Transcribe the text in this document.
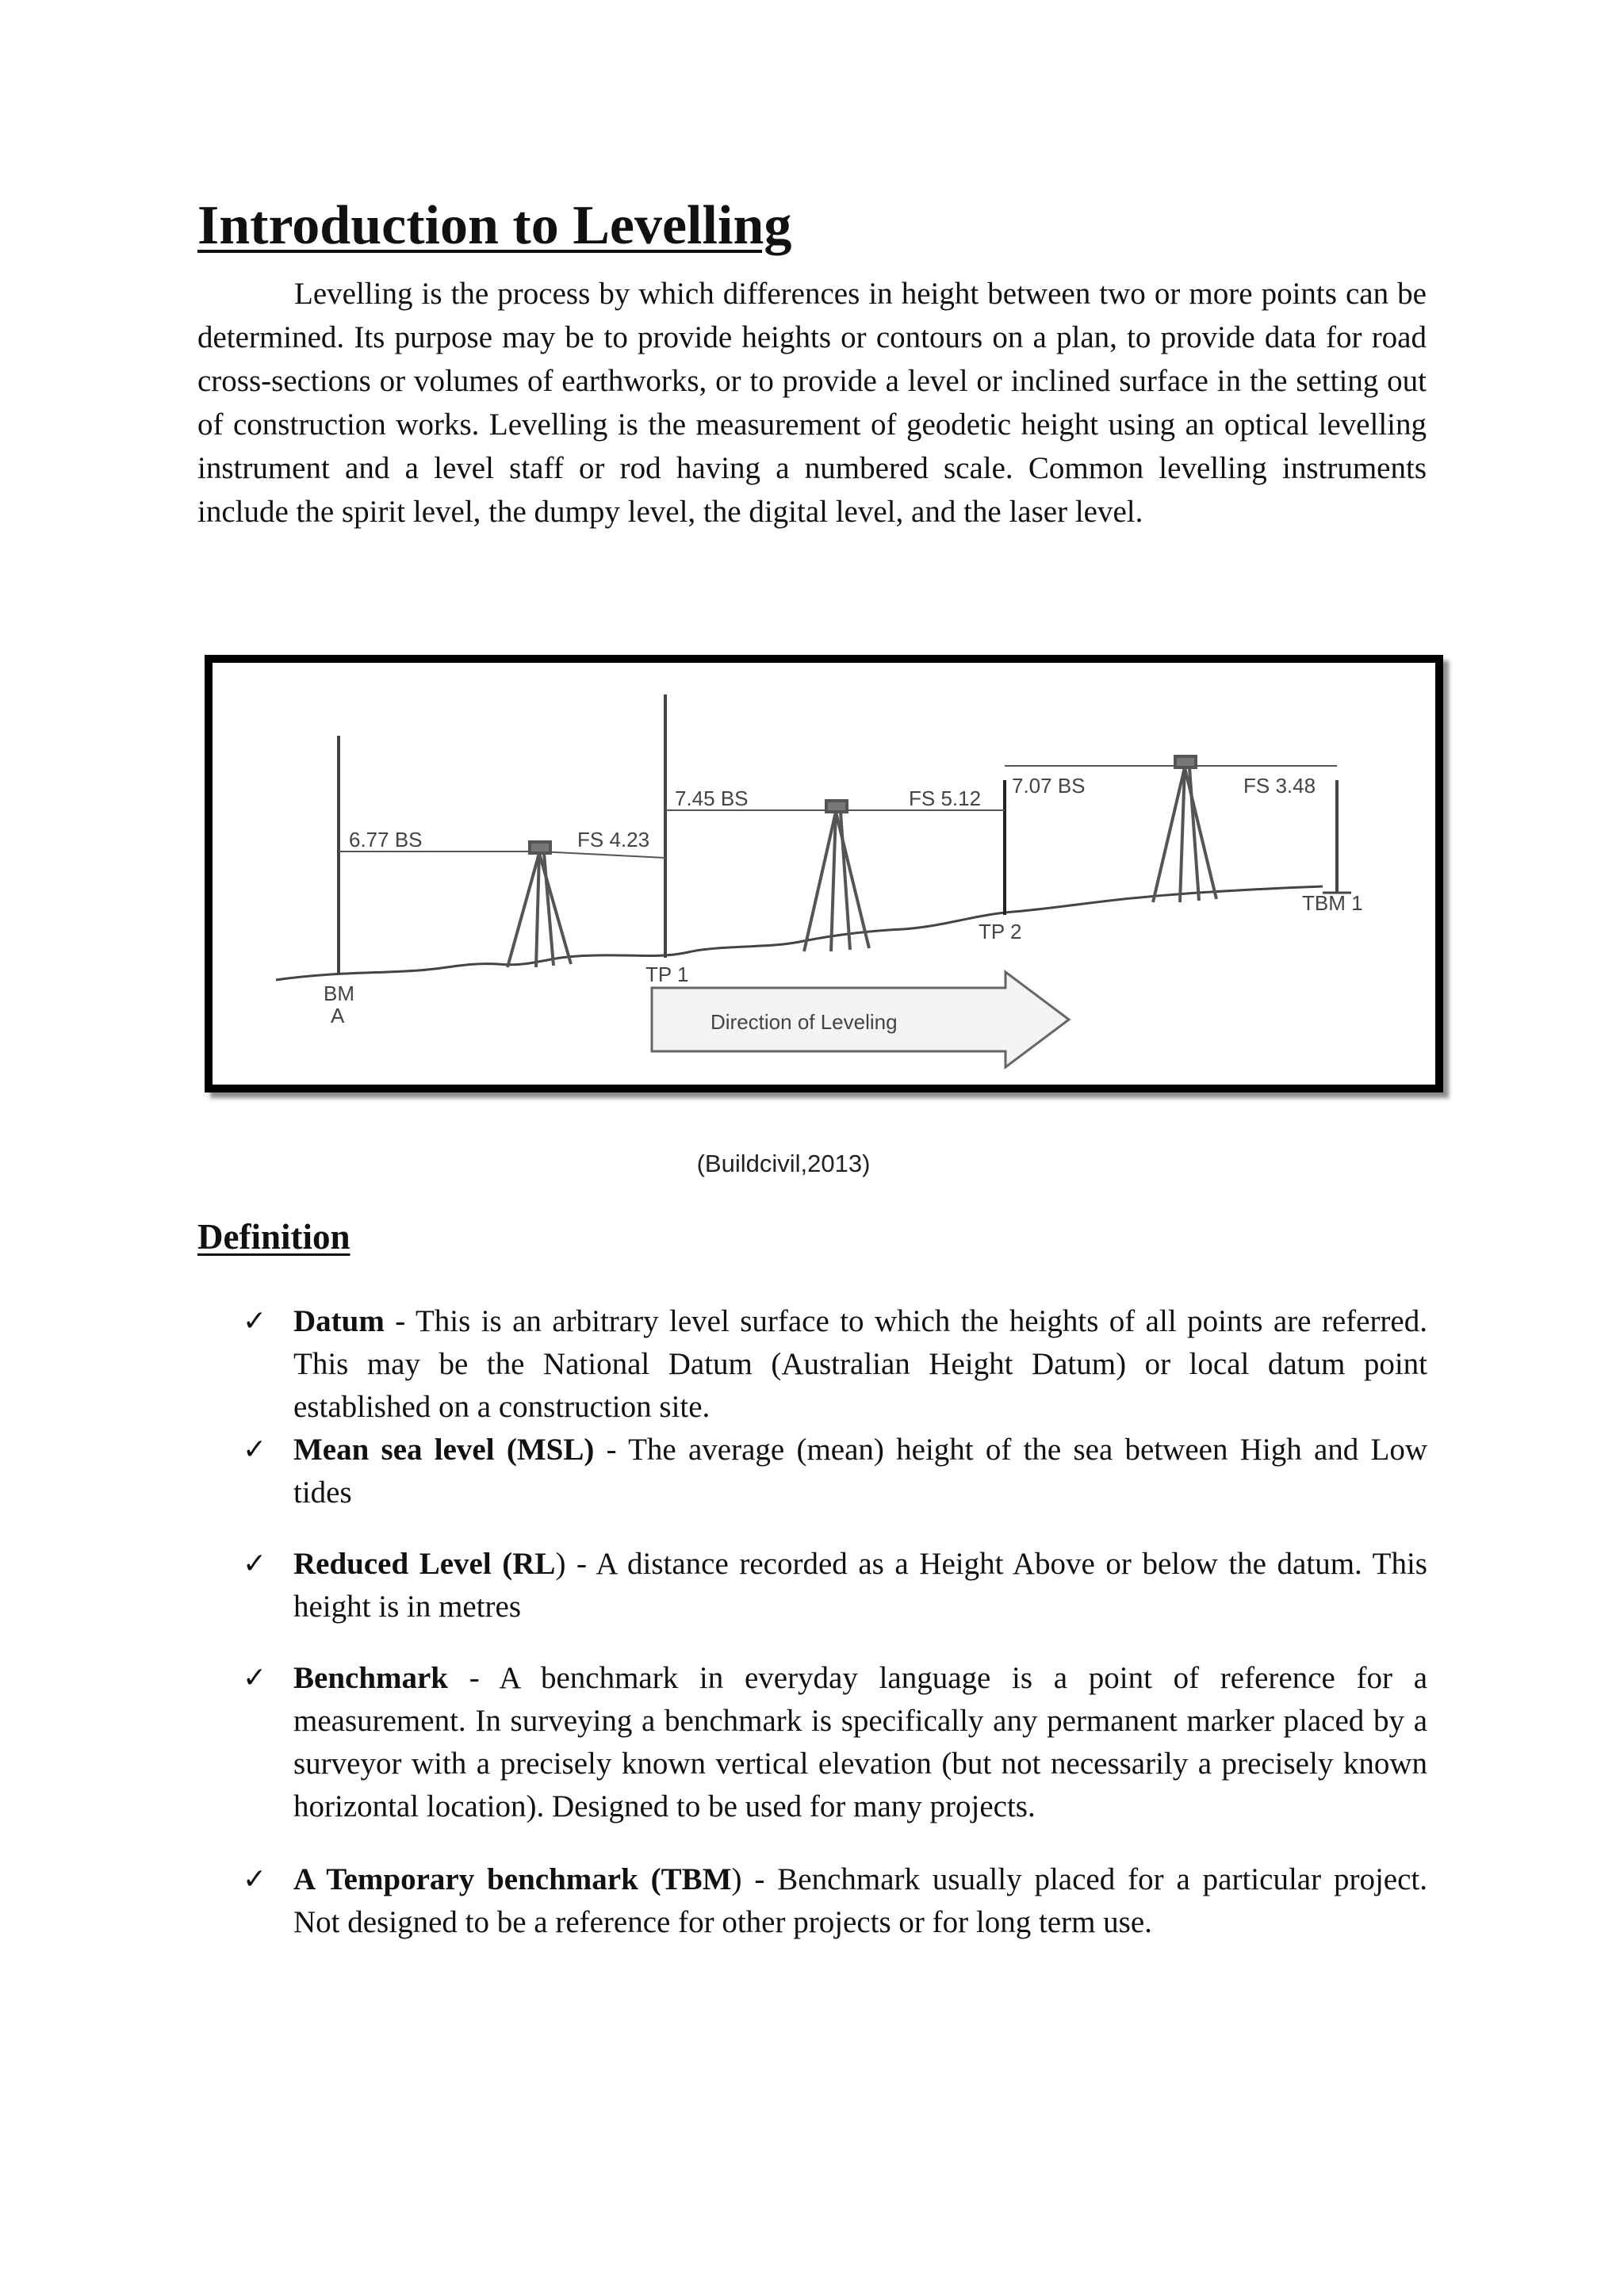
Introduction to Levelling

Levelling is the process by which differences in height between two or more points can be determined. Its purpose may be to provide heights or contours on a plan, to provide data for road cross-sections or volumes of earthworks, or to provide a level or inclined surface in the setting out of construction works. Levelling is the measurement of geodetic height using an optical levelling instrument and a level staff or rod having a numbered scale. Common levelling instruments include the spirit level, the dumpy level, the digital level, and the laser level.

6.77 BS	FS 4.23
7.45 BS	FS 5.12
7.07 BS	FS 3.48
BM
A
TP 1
TP 2
TBM 1
Direction of Leveling

(Buildcivil,2013)

Definition
✓ Datum - This is an arbitrary level surface to which the heights of all points are referred. This may be the National Datum (Australian Height Datum) or local datum point established on a construction site.
✓ Mean sea level (MSL) - The average (mean) height of the sea between High and Low tides
✓ Reduced Level (RL) - A distance recorded as a Height Above or below the datum. This height is in metres
✓ Benchmark - A benchmark in everyday language is a point of reference for a measurement. In surveying a benchmark is specifically any permanent marker placed by a surveyor with a precisely known vertical elevation (but not necessarily a precisely known horizontal location). Designed to be used for many projects.
✓ A Temporary benchmark (TBM) - Benchmark usually placed for a particular project. Not designed to be a reference for other projects or for long term use.
